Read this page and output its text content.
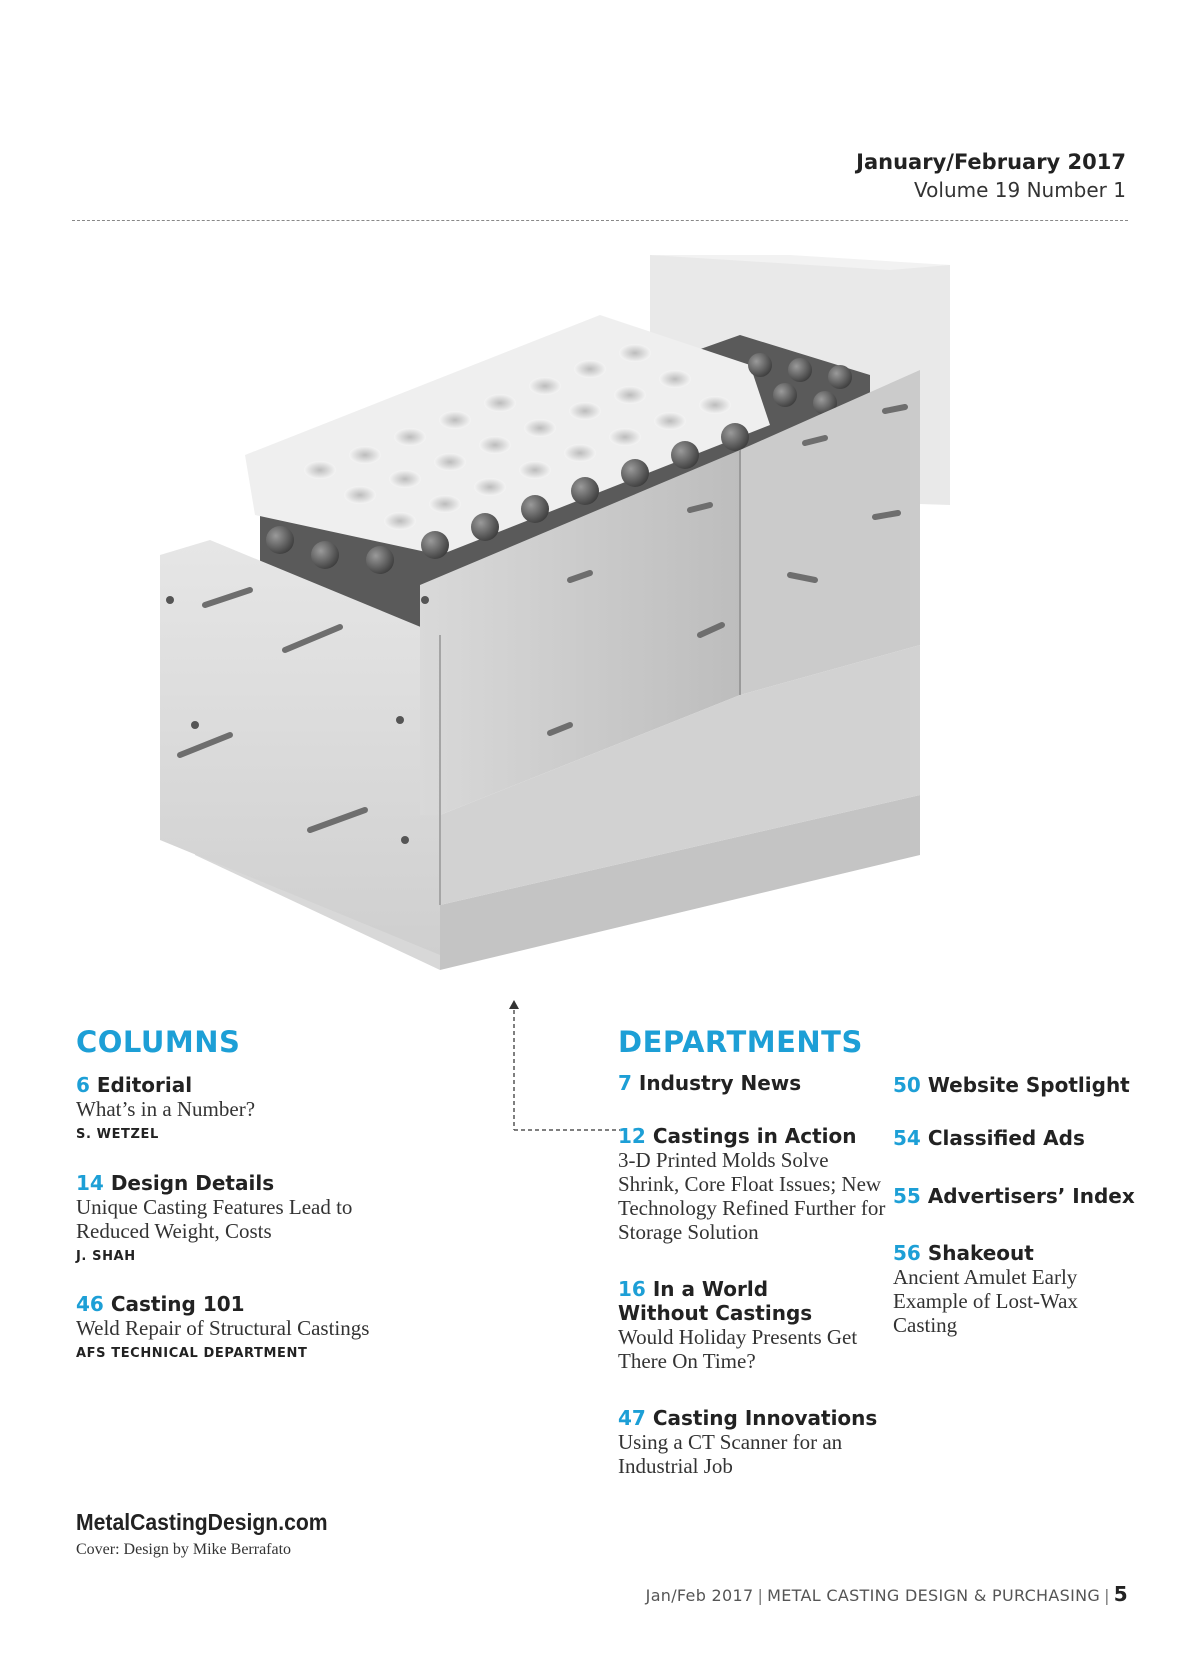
January/February 2017
Volume 19 Number 1
COLUMNS
6 Editorial
What’s in a Number?
S. WETZEL
14 Design Details
Unique Casting Features Lead to
Reduced Weight, Costs
J. SHAH
46 Casting 101
Weld Repair of Structural Castings
AFS TECHNICAL DEPARTMENT
DEPARTMENTS
7 Industry News
12 Castings in Action
3-D Printed Molds Solve
Shrink, Core Float Issues; New
Technology Refined Further for
Storage Solution
16 In a World
Without Castings
Would Holiday Presents Get
There On Time?
47 Casting Innovations
Using a CT Scanner for an
Industrial Job
50 Website Spotlight
54 Classified Ads
55 Advertisers’ Index
56 Shakeout
Ancient Amulet Early
Example of Lost-Wax
Casting
MetalCastingDesign.com
Cover: Design by Mike Berrafato
Jan/Feb 2017 | METAL CASTING DESIGN & PURCHASING | 5
